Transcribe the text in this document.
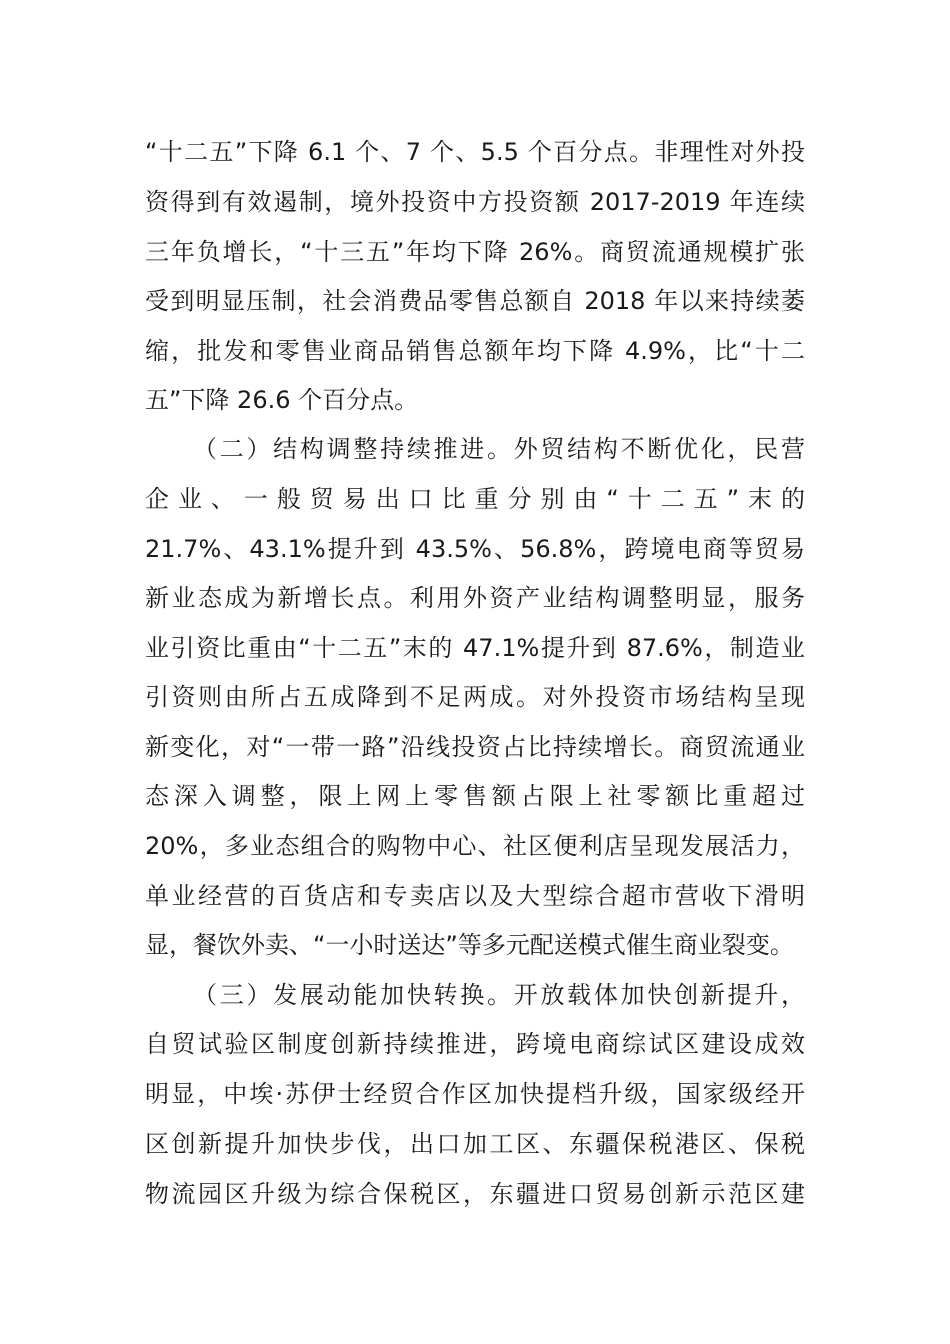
“十二五”下降 6.1 个、7 个、5.5 个百分点。非理性对外投
资得到有效遏制，境外投资中方投资额 2017-2019 年连续
三年负增长，“十三五”年均下降 26%。商贸流通规模扩张
受到明显压制，社会消费品零售总额自 2018 年以来持续萎
缩，批发和零售业商品销售总额年均下降 4.9%，比“十二
五”下降 26.6 个百分点。
（二）结构调整持续推进。外贸结构不断优化，民营
企业、一般贸易出口比重分别由“十二五”末的
21.7%、43.1%提升到 43.5%、56.8%，跨境电商等贸易
新业态成为新增长点。利用外资产业结构调整明显，服务
业引资比重由“十二五”末的 47.1%提升到 87.6%，制造业
引资则由所占五成降到不足两成。对外投资市场结构呈现
新变化，对“一带一路”沿线投资占比持续增长。商贸流通业
态深入调整，限上网上零售额占限上社零额比重超过
20%，多业态组合的购物中心、社区便利店呈现发展活力，
单业经营的百货店和专卖店以及大型综合超市营收下滑明
显，餐饮外卖、“一小时送达”等多元配送模式催生商业裂变。
（三）发展动能加快转换。开放载体加快创新提升，
自贸试验区制度创新持续推进，跨境电商综试区建设成效
明显，中埃·苏伊士经贸合作区加快提档升级，国家级经开
区创新提升加快步伐，出口加工区、东疆保税港区、保税
物流园区升级为综合保税区，东疆进口贸易创新示范区建
